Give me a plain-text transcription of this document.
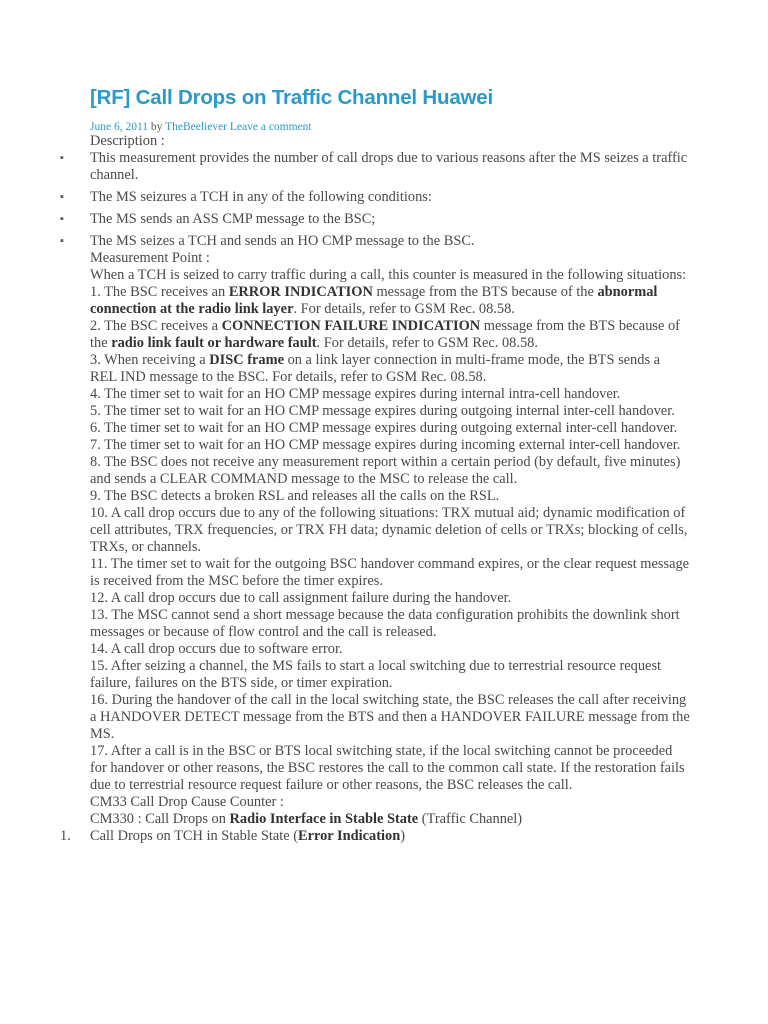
[RF] Call Drops on Traffic Channel Huawei
June 6, 2011 by TheBeeliever Leave a comment

Description :

▪ This measurement provides the number of call drops due to various reasons after the MS seizes a traffic channel.
▪ The MS seizures a TCH in any of the following conditions:
▪ The MS sends an ASS CMP message to the BSC;
▪ The MS seizes a TCH and sends an HO CMP message to the BSC.

Measurement Point :

When a TCH is seized to carry traffic during a call, this counter is measured in the following situations:

1. The BSC receives an ERROR INDICATION message from the BTS because of the abnormal connection at the radio link layer. For details, refer to GSM Rec. 08.58.

2. The BSC receives a CONNECTION FAILURE INDICATION message from the BTS because of the radio link fault or hardware fault. For details, refer to GSM Rec. 08.58.

3. When receiving a DISC frame on a link layer connection in multi-frame mode, the BTS sends a REL IND message to the BSC. For details, refer to GSM Rec. 08.58.

4. The timer set to wait for an HO CMP message expires during internal intra-cell handover.

5. The timer set to wait for an HO CMP message expires during outgoing internal inter-cell handover.

6. The timer set to wait for an HO CMP message expires during outgoing external inter-cell handover.

7. The timer set to wait for an HO CMP message expires during incoming external inter-cell handover.

8. The BSC does not receive any measurement report within a certain period (by default, five minutes) and sends a CLEAR COMMAND message to the MSC to release the call.

9. The BSC detects a broken RSL and releases all the calls on the RSL.

10. A call drop occurs due to any of the following situations: TRX mutual aid; dynamic modification of cell attributes, TRX frequencies, or TRX FH data; dynamic deletion of cells or TRXs; blocking of cells, TRXs, or channels.

11. The timer set to wait for the outgoing BSC handover command expires, or the clear request message is received from the MSC before the timer expires.

12. A call drop occurs due to call assignment failure during the handover.

13. The MSC cannot send a short message because the data configuration prohibits the downlink short messages or because of flow control and the call is released.

14. A call drop occurs due to software error.

15. After seizing a channel, the MS fails to start a local switching due to terrestrial resource request failure, failures on the BTS side, or timer expiration.

16. During the handover of the call in the local switching state, the BSC releases the call after receiving a HANDOVER DETECT message from the BTS and then a HANDOVER FAILURE message from the MS.

17. After a call is in the BSC or BTS local switching state, if the local switching cannot be proceeded for handover or other reasons, the BSC restores the call to the common call state. If the restoration fails due to terrestrial resource request failure or other reasons, the BSC releases the call.

CM33 Call Drop Cause Counter :

CM330 : Call Drops on Radio Interface in Stable State (Traffic Channel)

1. Call Drops on TCH in Stable State (Error Indication)
